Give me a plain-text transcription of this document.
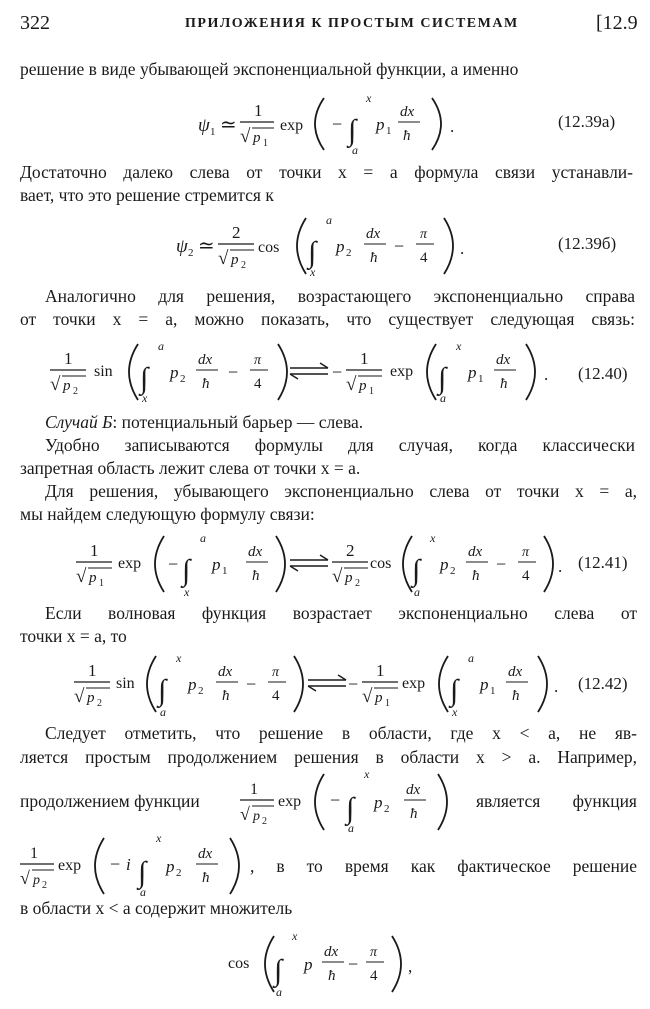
322	ПРИЛОЖЕНИЯ К ПРОСТЫМ СИСТЕМАМ	[12.9
решение в виде убывающей экспоненциальной функции, а именно
ψ 1 ≃
1
√ p 1
exp − ∫
x
a
p 1
dx
ħ .	(12.39а)
Достаточно далеко слева от точки x = a формула связи устанавли-
вает, что это решение стремится к
ψ 2 ≃
2
√ p 2
cos ∫
a
x
p 2
dx
ħ
−
π
4 .	(12.39б)
Аналогично для решения, возрастающего экспоненциально справа
от точки x = a, можно показать, что существует следующая связь:
1
√ p 2
sin ∫
a
x
p 2
dx
ħ
−
π
4
−
1
√ p 1
exp ∫
x
a
p 1
dx
ħ . (12.40)
Случай Б: потенциальный барьер — слева.
Удобно записываются формулы для случая, когда классически
запретная область лежит слева от точки x = a.
Для решения, убывающего экспоненциально слева от точки x = a,
мы найдем следующую формулу связи:
1
√ p 1
exp − ∫
a
x
p 1
dx
ħ
2
√ p 2
cos ∫
x
a
p 2
dx
ħ
−
π
4 . (12.41)
Если волновая функция возрастает экспоненциально слева от
точки x = a, то
1
√ p 2
sin ∫
x
a
p 2
dx
ħ
−
π
4
−
1
√ p 1
exp ∫
a
x
p 1
dx
ħ . (12.42)
Следует отметить, что решение в области, где x < a, не яв-
ляется простым продолжением решения в области x > a. Например,
продолжением функции
1
√ p 2
exp − ∫
x
a
p 2
dx
ħ
является функция
1
√ p 2
exp − i ∫
x
a
p 2
dx
ħ
, в то время как фактическое решение
в области x < a содержит множитель
cos ∫
x
a
p
dx
ħ
−
π
4 ,
